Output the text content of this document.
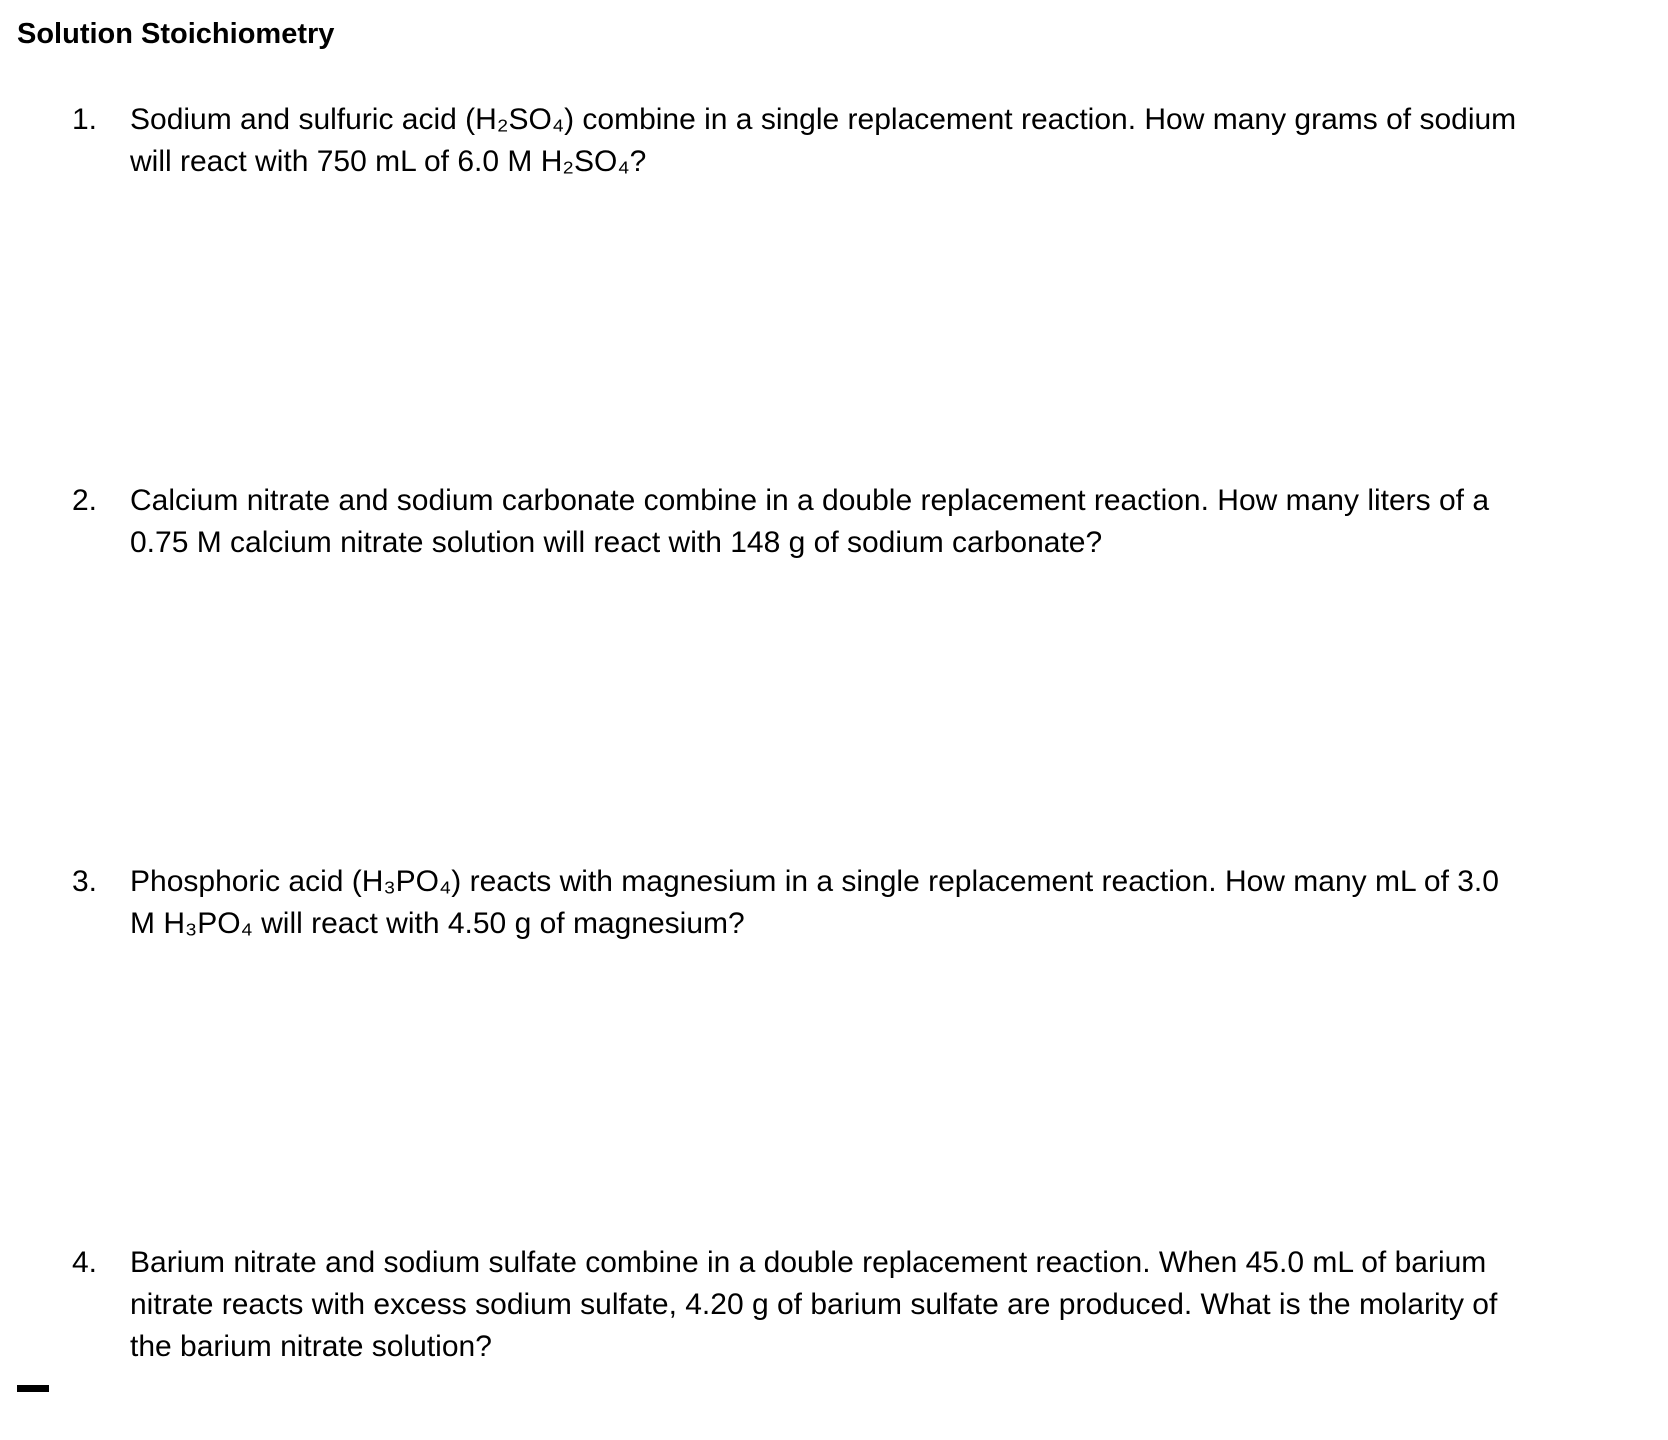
Solution Stoichiometry
1.	Sodium and sulfuric acid (H₂SO₄) combine in a single replacement reaction. How many grams of sodium
will react with 750 mL of 6.0 M H₂SO₄?
2.	Calcium nitrate and sodium carbonate combine in a double replacement reaction. How many liters of a
0.75 M calcium nitrate solution will react with 148 g of sodium carbonate?
3.	Phosphoric acid (H₃PO₄) reacts with magnesium in a single replacement reaction. How many mL of 3.0
M H₃PO₄ will react with 4.50 g of magnesium?
4.	Barium nitrate and sodium sulfate combine in a double replacement reaction. When 45.0 mL of barium
nitrate reacts with excess sodium sulfate, 4.20 g of barium sulfate are produced. What is the molarity of
the barium nitrate solution?
